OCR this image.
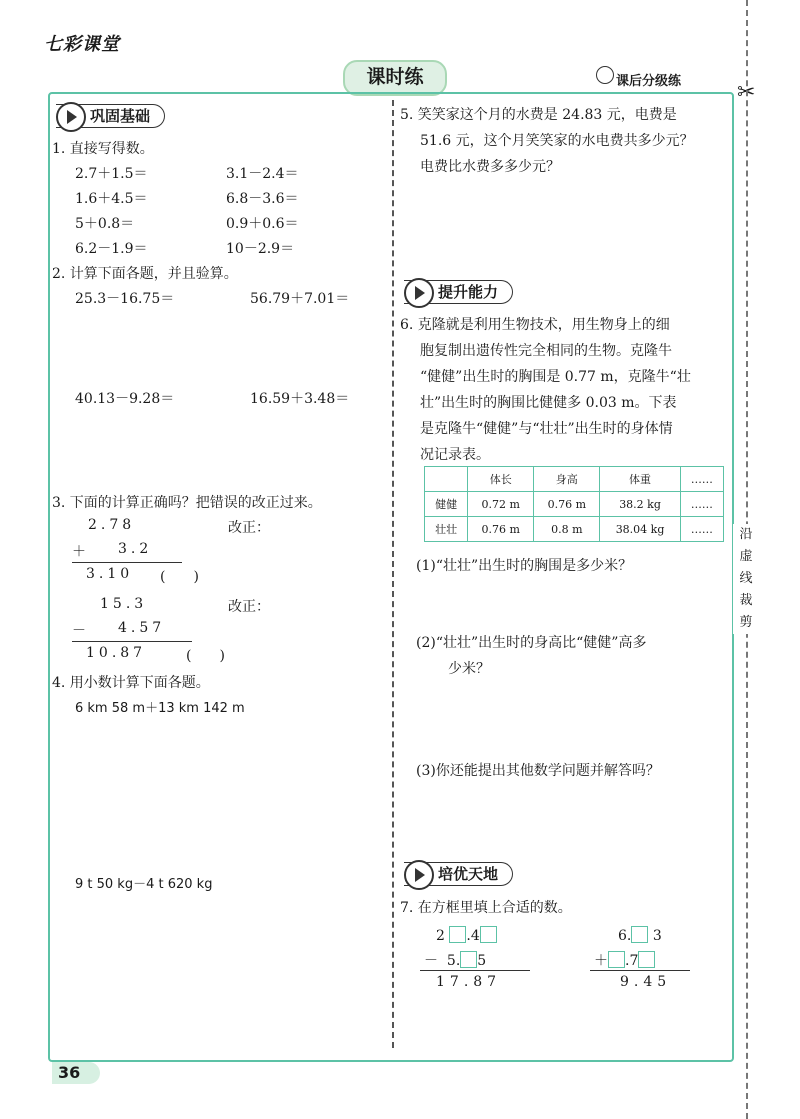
七彩课堂
课时练	课后分级练	✂
沿
虚
线
裁
剪
巩固基础
1. 直接写得数。
2.7＋1.5＝	3.1－2.4＝
1.6＋4.5＝	6.8－3.6＝
5＋0.8＝	0.9＋0.6＝
6.2－1.9＝	10－2.9＝
2. 计算下面各题，并且验算。
25.3－16.75＝	56.79＋7.01＝
40.13－9.28＝	16.59＋3.48＝
3. 下面的计算正确吗？把错误的改正过来。
2.78	改正：
＋ 3.2
3.10 (　　)
15.3	改正：
－ 4.57
10.87	(　　)
4. 用小数计算下面各题。
6 km 58 m＋13 km 142 m
9 t 50 kg－4 t 620 kg
5. 笑笑家这个月的水费是 24.83 元，电费是
51.6 元，这个月笑笑家的水电费共多少元？
电费比水费多多少元？
提升能力
6. 克隆就是利用生物技术，用生物身上的细
胞复制出遗传性完全相同的生物。克隆牛
“健健”出生时的胸围是 0.77 m，克隆牛“壮
壮”出生时的胸围比健健多 0.03 m。下表
是克隆牛“健健”与“壮壮”出生时的身体情
况记录表。
	体长	身高	体重	……
健健	0.72 m	0.76 m	38.2 kg	……
壮壮	0.76 m	0.8 m	38.04 kg	……
(1)“壮壮”出生时的胸围是多少米？
(2)“壮壮”出生时的身高比“健健”高多
少米？
(3)你还能提出其他数学问题并解答吗？
培优天地
7. 在方框里填上合适的数。
2 .4
－ 5. 5
17.87
6. 3
＋ .7
9.45
36
